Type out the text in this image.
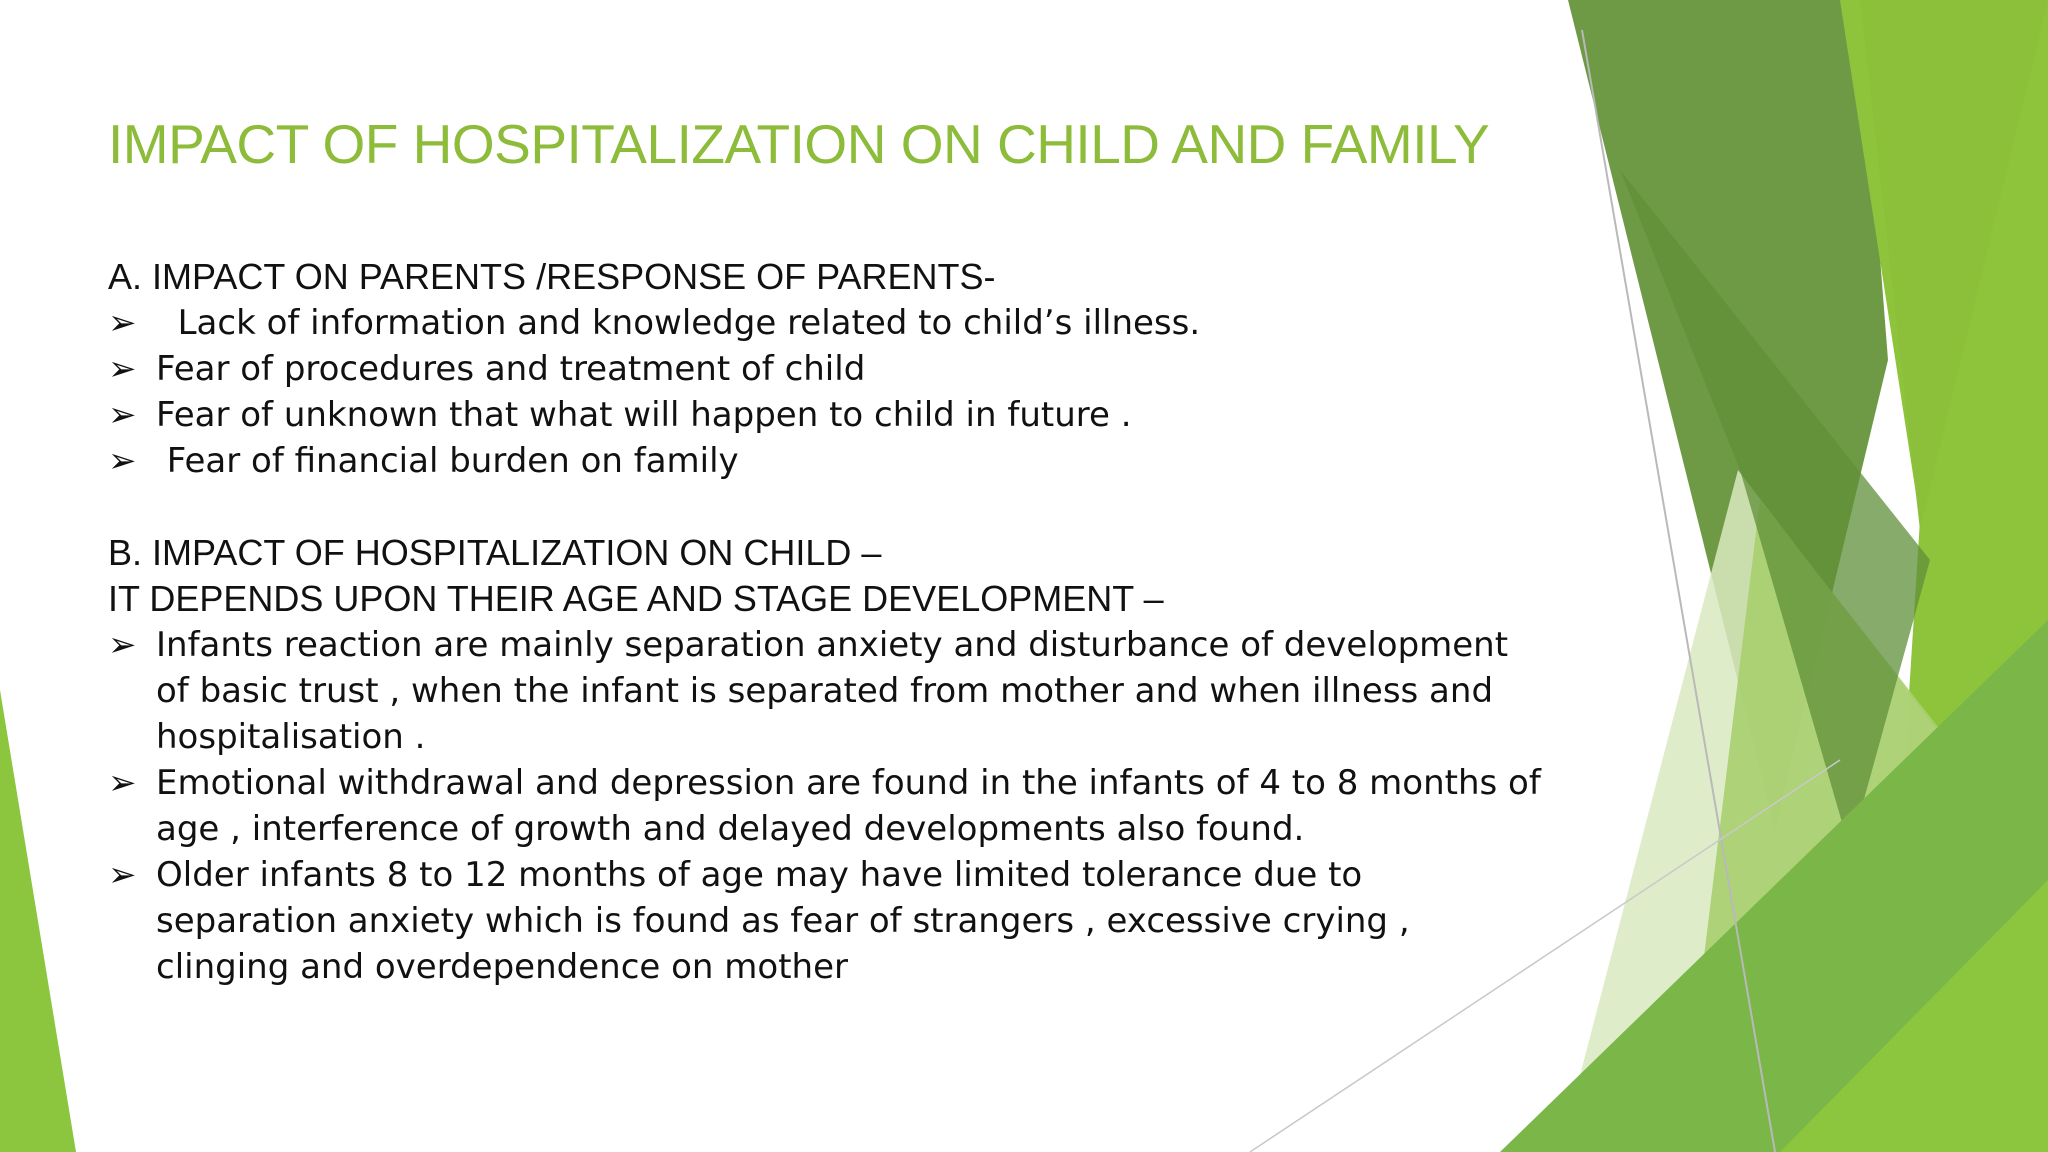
IMPACT OF HOSPITALIZATION ON CHILD AND FAMILY
A. IMPACT ON PARENTS /RESPONSE OF PARENTS-
➢ Lack of information and knowledge related to child’s illness.
➢ Fear of procedures and treatment of child
➢ Fear of unknown that what will happen to child in future .
➢ Fear of financial burden on family
B. IMPACT OF HOSPITALIZATION ON CHILD –
IT DEPENDS UPON THEIR AGE AND STAGE DEVELOPMENT –
➢ Infants reaction are mainly separation anxiety and disturbance of development of basic trust , when the infant is separated from mother and when illness and hospitalisation .
➢ Emotional withdrawal and depression are found in the infants of 4 to 8 months of age , interference of growth and delayed developments also found.
➢ Older infants 8 to 12 months of age may have limited tolerance due to separation anxiety which is found as fear of strangers , excessive crying , clinging and overdependence on mother
